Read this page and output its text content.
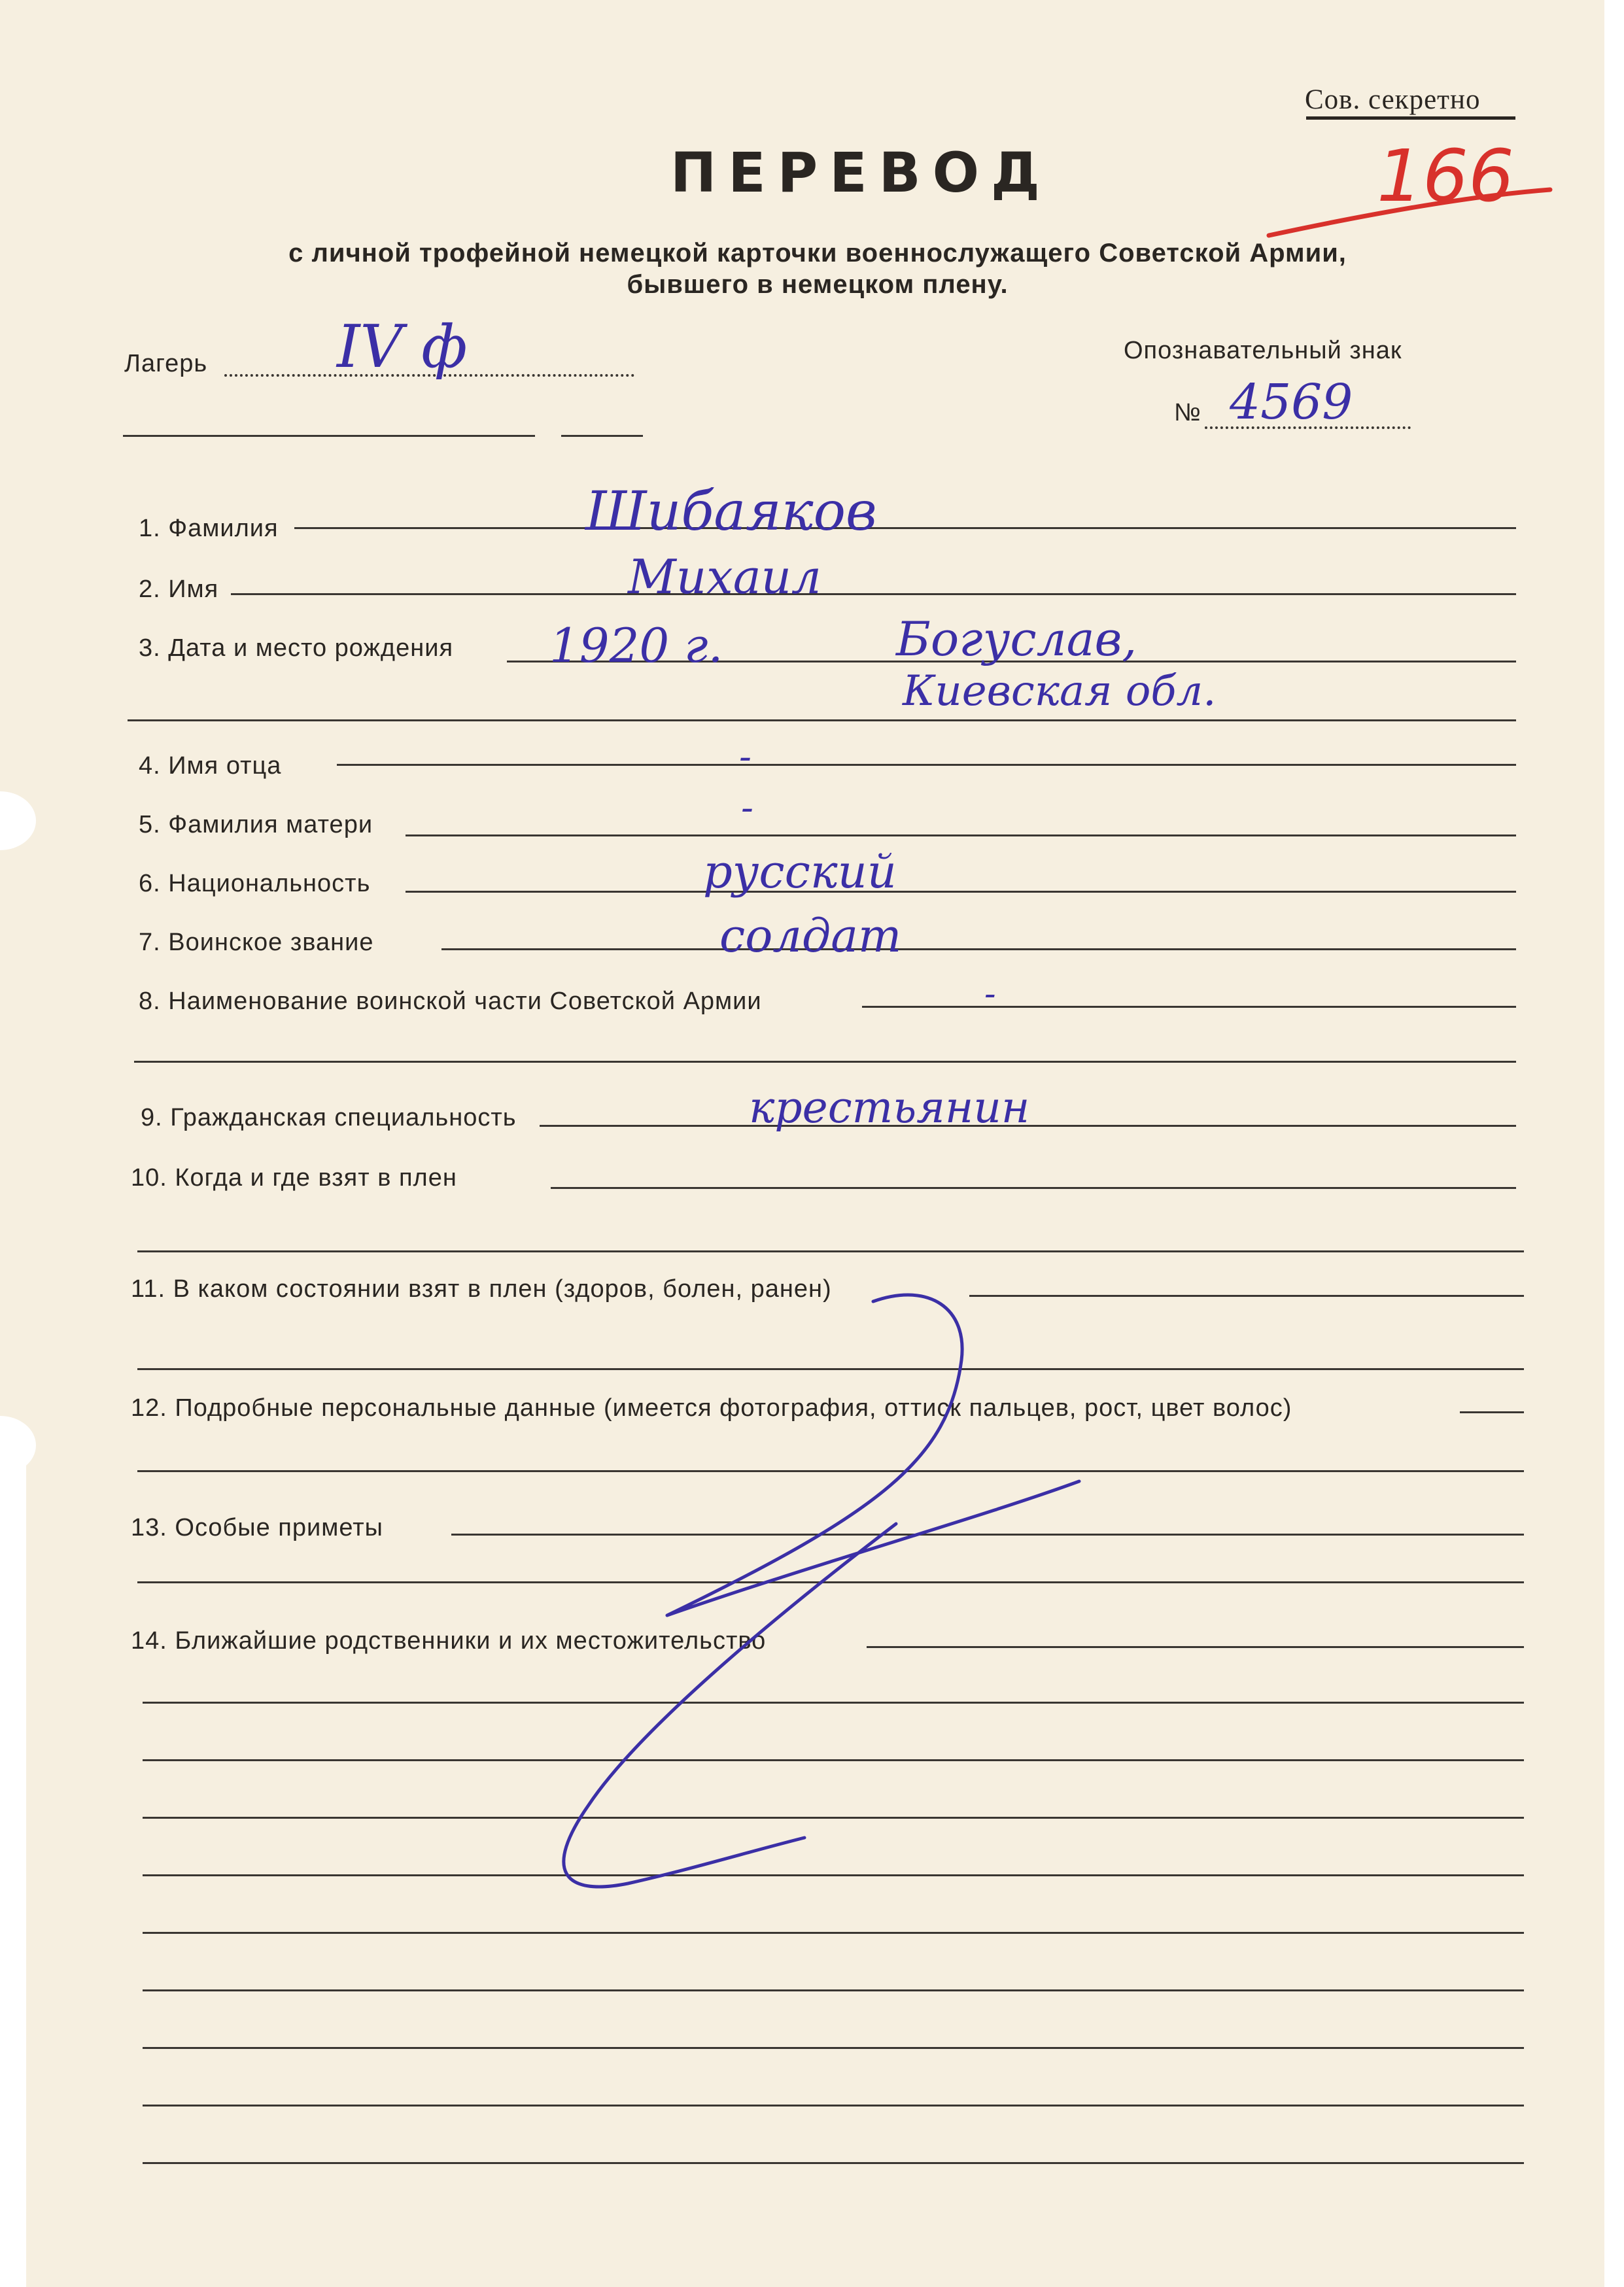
Сов. секретно
166
ПЕРЕВОД
с личной трофейной немецкой карточки военнослужащего Советской Армии,
бывшего в немецком плену.
Лагерь IV ф	Опознавательный знак
№ 4569
1. Фамилия	Шибаяков
2. Имя	Михаил
3. Дата и место рождения 1920 г.	Богуслав,
Киевская обл.
4. Имя отца	-
5. Фамилия матери	-
6. Национальность	русский
7. Воинское звание	солдат
8. Наименование воинской части Советской Армии	-
9. Гражданская специальность	крестьянин
10. Когда и где взят в плен
11. В каком состоянии взят в плен (здоров, болен, ранен)
12. Подробные персональные данные (имеется фотография, оттиск пальцев, рост, цвет волос)
13. Особые приметы
14. Ближайшие родственники и их местожительство
